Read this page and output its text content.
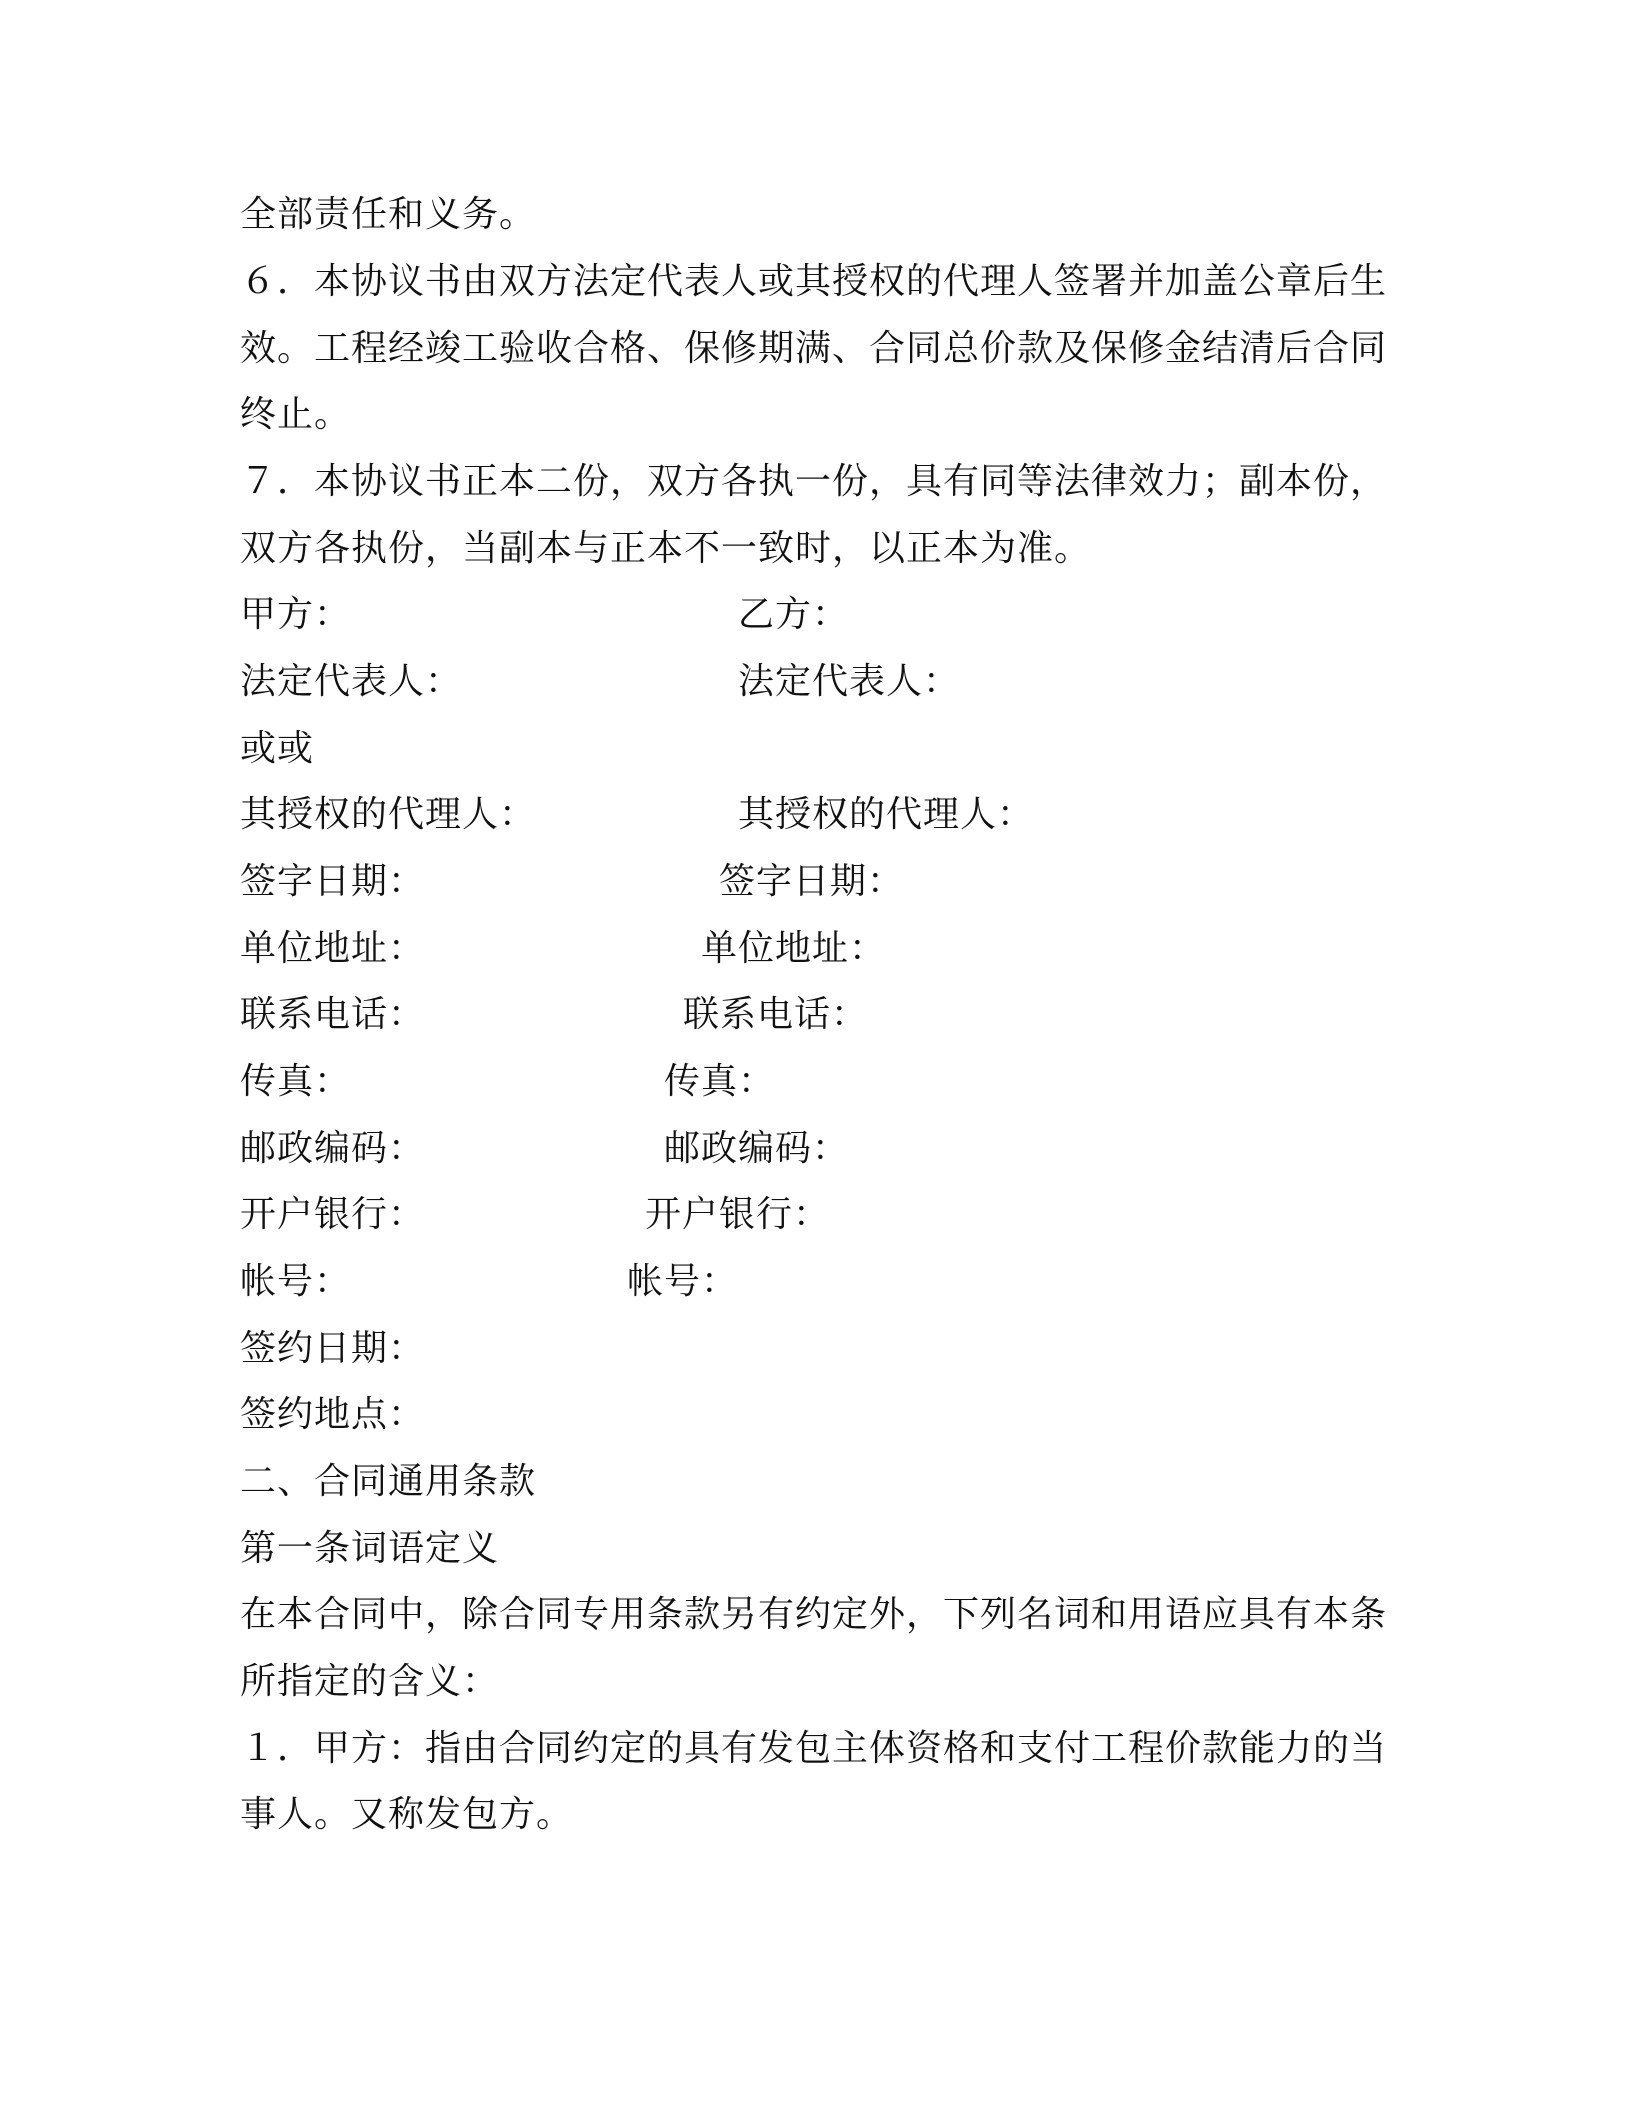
全部责任和义务。
６．本协议书由双方法定代表人或其授权的代理人签署并加盖公章后生
效。工程经竣工验收合格、保修期满、合同总价款及保修金结清后合同
终止。
７．本协议书正本二份，双方各执一份，具有同等法律效力；副本份，
双方各执份，当副本与正本不一致时，以正本为准。
甲方：	乙方：
法定代表人：	法定代表人：
或或
其授权的代理人：	其授权的代理人：
签字日期：	签字日期：
单位地址：	单位地址：
联系电话：	联系电话：
传真：	传真：
邮政编码：	邮政编码：
开户银行：	开户银行：
帐号：	帐号：
签约日期：
签约地点：
二、合同通用条款
第一条词语定义
在本合同中，除合同专用条款另有约定外，下列名词和用语应具有本条
所指定的含义：
１．甲方：指由合同约定的具有发包主体资格和支付工程价款能力的当
事人。又称发包方。
